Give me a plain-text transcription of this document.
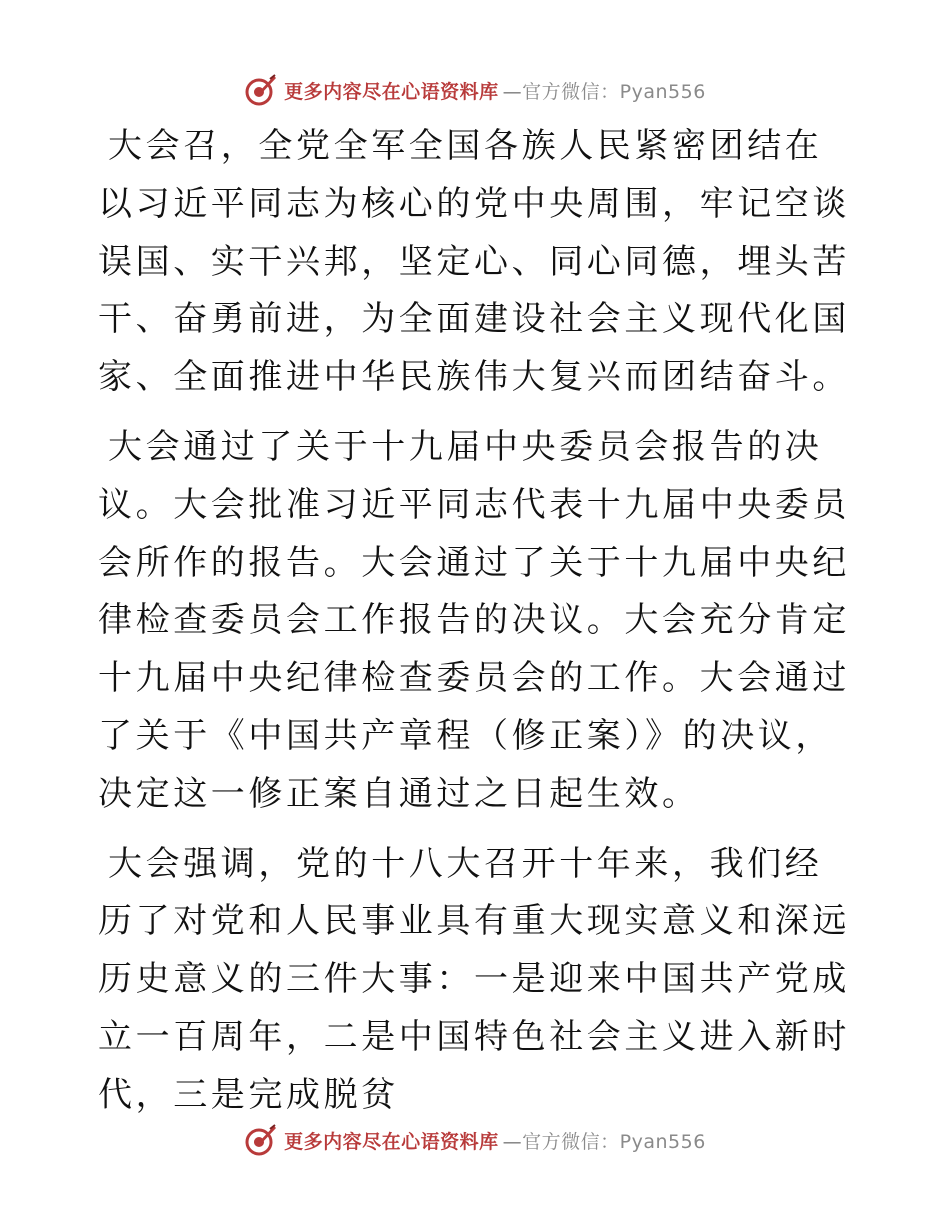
更多内容尽在心语资料库 —官方微信：Pyan556

大会召，全党全军全国各族人民紧密团结在以习近平同志为核心的党中央周围，牢记空谈误国、实干兴邦，坚定心、同心同德，埋头苦干、奋勇前进，为全面建设社会主义现代化国家、全面推进中华民族伟大复兴而团结奋斗。

大会通过了关于十九届中央委员会报告的决议。大会批准习近平同志代表十九届中央委员会所作的报告。大会通过了关于十九届中央纪律检查委员会工作报告的决议。大会充分肯定十九届中央纪律检查委员会的工作。大会通过了关于《中国共产章程（修正案）》的决议，决定这一修正案自通过之日起生效。

大会强调，党的十八大召开十年来，我们经历了对党和人民事业具有重大现实意义和深远历史意义的三件大事：一是迎来中国共产党成立一百周年，二是中国特色社会主义进入新时代，三是完成脱贫

更多内容尽在心语资料库 —官方微信：Pyan556
